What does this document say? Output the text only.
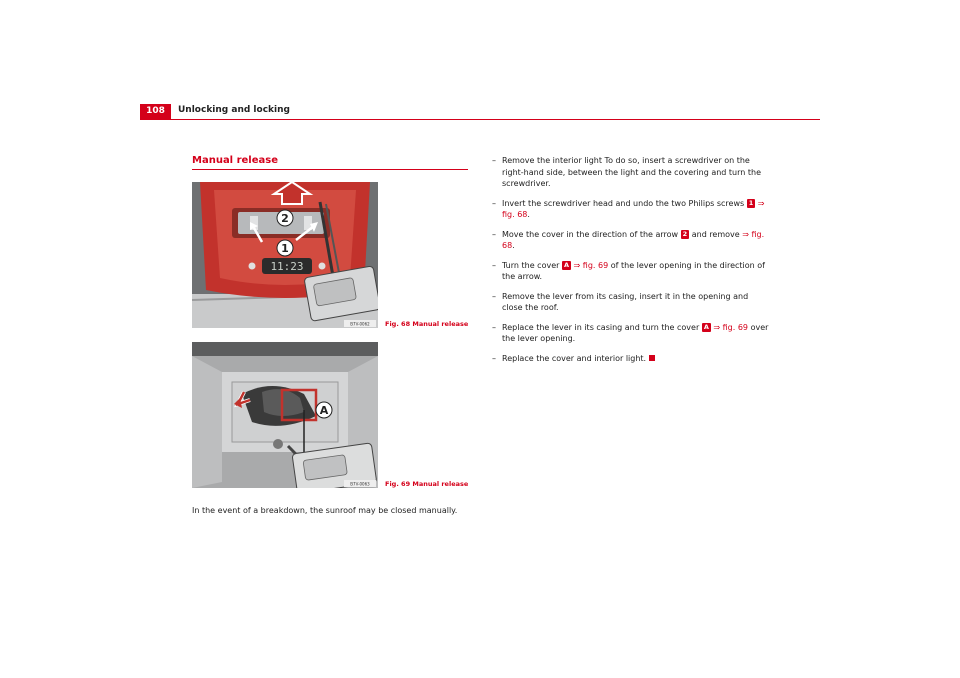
108	Unlocking and locking
Manual release
11:23
2
1
B7V-0062 Fig. 68 Manual release
A
B7V-0063 Fig. 69 Manual release
In the event of a breakdown, the sunroof may be closed manually.
– Remove the interior light To do so, insert a screwdriver on the right-hand side, between the light and the covering and turn the screwdriver.
– Invert the screwdriver head and undo the two Philips screws 1 ⇒ fig. 68.
– Move the cover in the direction of the arrow 2 and remove ⇒ fig. 68.
– Turn the cover A ⇒ fig. 69 of the lever opening in the direction of the arrow.
– Remove the lever from its casing, insert it in the opening and close the roof.
– Replace the lever in its casing and turn the cover A ⇒ fig. 69 over the lever opening.
– Replace the cover and interior light.
